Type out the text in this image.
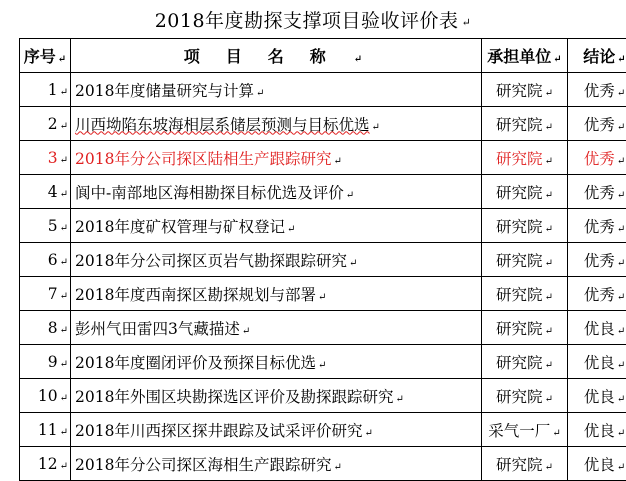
2018年度勘探支撑项目验收评价表 ↵
序号 ↵	项目名称 ↵	承担单位 ↵	结论 ↵
1 ↵	2018年度储量研究与计算 ↵	研究院 ↵	优秀 ↵
2 ↵	川西坳陷东坡海相层系储层预测与目标优选 ↵	研究院 ↵	优秀 ↵
3 ↵	2018年分公司探区陆相生产跟踪研究 ↵	研究院 ↵	优秀 ↵
4 ↵	阆中-南部地区海相勘探目标优选及评价 ↵	研究院 ↵	优秀 ↵
5 ↵	2018年度矿权管理与矿权登记 ↵	研究院 ↵	优秀 ↵
6 ↵	2018年分公司探区页岩气勘探跟踪研究 ↵	研究院 ↵	优秀 ↵
7 ↵	2018年度西南探区勘探规划与部署 ↵	研究院 ↵	优秀 ↵
8 ↵	彭州气田雷四3气藏描述 ↵	研究院 ↵	优良 ↵
9 ↵	2018年度圈闭评价及预探目标优选 ↵	研究院 ↵	优良 ↵
10 ↵	2018年外围区块勘探选区评价及勘探跟踪研究 ↵	研究院 ↵	优良 ↵
11 ↵	2018年川西探区探井跟踪及试采评价研究 ↵	采气一厂 ↵	优良 ↵
12 ↵	2018年分公司探区海相生产跟踪研究 ↵	研究院 ↵	优良 ↵
